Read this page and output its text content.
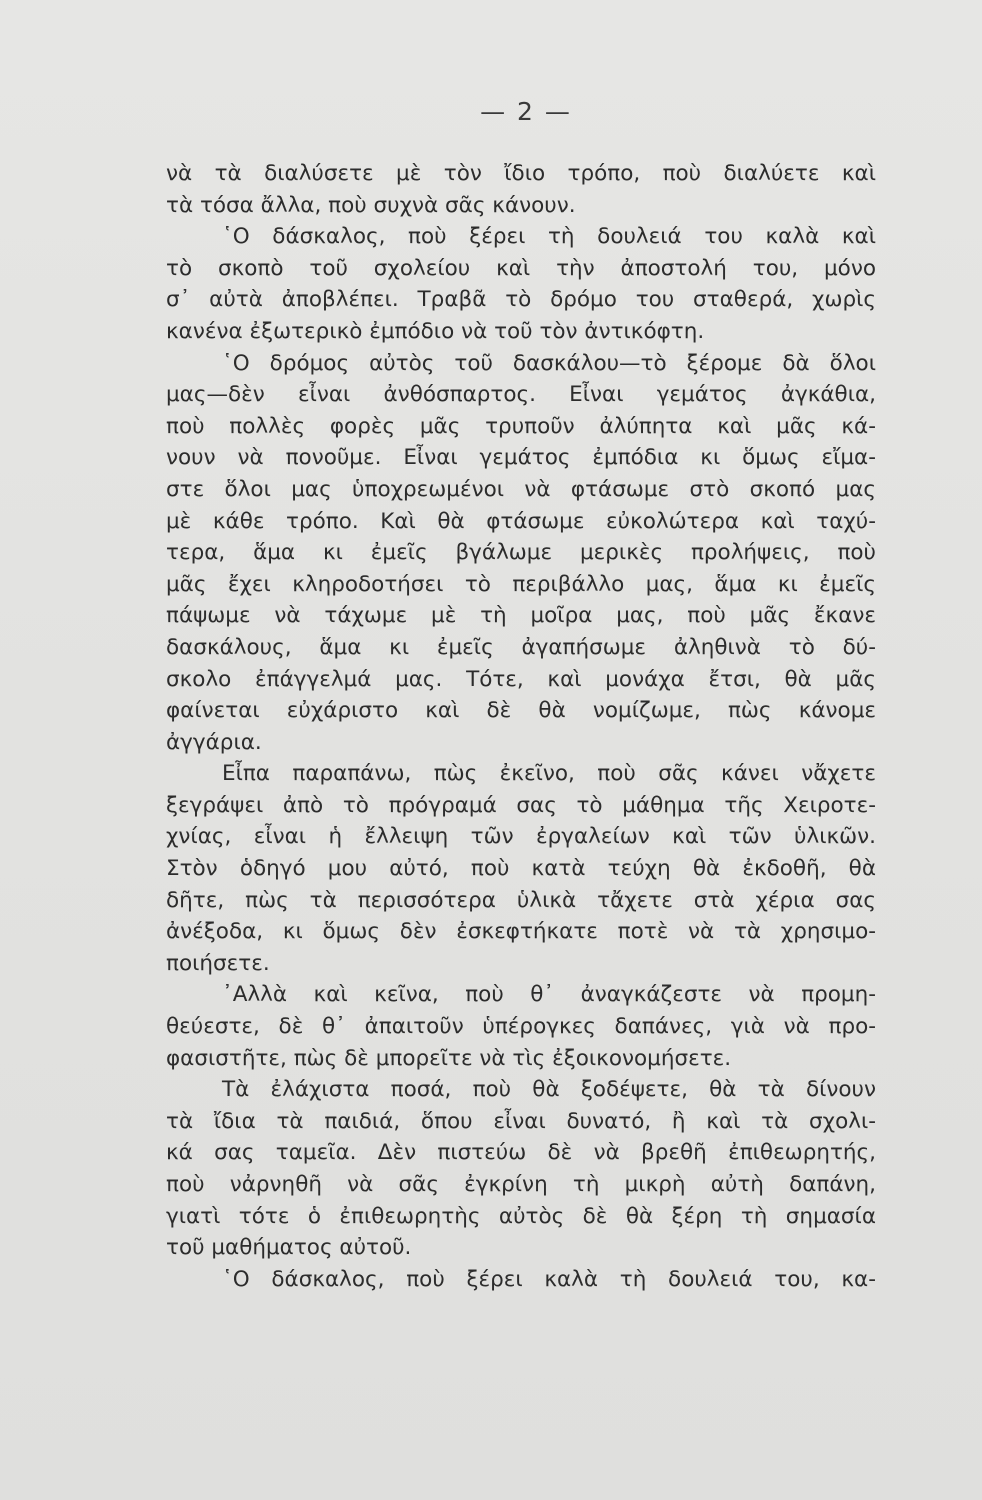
— 2 —
νὰ τὰ διαλύσετε μὲ τὸν ἴδιο τρόπο, ποὺ διαλύετε καὶ
τὰ τόσα ἄλλα, ποὺ συχνὰ σᾶς κάνουν.
῾Ο δάσκαλος, ποὺ ξέρει τὴ δουλειά του καλὰ καὶ
τὸ σκοπὸ τοῦ σχολείου καὶ τὴν ἀποστολή του, μόνο
σ᾽ αὐτὰ ἀποβλέπει. Τραβᾶ τὸ δρόμο του σταθερά, χωρὶς
κανένα ἐξωτερικὸ ἐμπόδιο νὰ τοῦ τὸν ἀντικόφτη.
῾Ο δρόμος αὐτὸς τοῦ δασκάλου—τὸ ξέρομε δὰ ὅλοι
μας—δὲν εἶναι ἀνθόσπαρτος. Εἶναι γεμάτος ἀγκάθια,
ποὺ πολλὲς φορὲς μᾶς τρυποῦν ἀλύπητα καὶ μᾶς κά-
νουν νὰ πονοῦμε. Εἶναι γεμάτος ἐμπόδια κι ὅμως εἴμα-
στε ὅλοι μας ὑποχρεωμένοι νὰ φτάσωμε στὸ σκοπό μας
μὲ κάθε τρόπο. Καὶ θὰ φτάσωμε εὐκολώτερα καὶ ταχύ-
τερα, ἅμα κι ἐμεῖς βγάλωμε μερικὲς προλήψεις, ποὺ
μᾶς ἔχει κληροδοτήσει τὸ περιβάλλο μας, ἅμα κι ἐμεῖς
πάψωμε νὰ τάχωμε μὲ τὴ μοῖρα μας, ποὺ μᾶς ἔκανε
δασκάλους, ἅμα κι ἐμεῖς ἀγαπήσωμε ἀληθινὰ τὸ δύ-
σκολο ἐπάγγελμά μας. Τότε, καὶ μονάχα ἔτσι, θὰ μᾶς
φαίνεται εὐχάριστο καὶ δὲ θὰ νομίζωμε, πὼς κάνομε
ἀγγάρια.
Εἶπα παραπάνω, πὼς ἐκεῖνο, ποὺ σᾶς κάνει νἄχετε
ξεγράψει ἀπὸ τὸ πρόγραμά σας τὸ μάθημα τῆς Χειροτε-
χνίας, εἶναι ἡ ἔλλειψη τῶν ἐργαλείων καὶ τῶν ὑλικῶν.
Στὸν ὁδηγό μου αὐτό, ποὺ κατὰ τεύχη θὰ ἐκδοθῆ, θὰ
δῆτε, πὼς τὰ περισσότερα ὑλικὰ τἄχετε στὰ χέρια σας
ἀνέξοδα, κι ὅμως δὲν ἐσκεφτήκατε ποτὲ νὰ τὰ χρησιμο-
ποιήσετε.
᾿Αλλὰ καὶ κεῖνα, ποὺ θ᾽ ἀναγκάζεστε νὰ προμη-
θεύεστε, δὲ θ᾽ ἀπαιτοῦν ὑπέρογκες δαπάνες, γιὰ νὰ προ-
φασιστῆτε, πὼς δὲ μπορεῖτε νὰ τὶς ἐξοικονομήσετε.
Τὰ ἐλάχιστα ποσά, ποὺ θὰ ξοδέψετε, θὰ τὰ δίνουν
τὰ ἴδια τὰ παιδιά, ὅπου εἶναι δυνατό, ἢ καὶ τὰ σχολι-
κά σας ταμεῖα. Δὲν πιστεύω δὲ νὰ βρεθῆ ἐπιθεωρητής,
ποὺ νἀρνηθῆ νὰ σᾶς ἐγκρίνη τὴ μικρὴ αὐτὴ δαπάνη,
γιατὶ τότε ὁ ἐπιθεωρητὴς αὐτὸς δὲ θὰ ξέρη τὴ σημασία
τοῦ μαθήματος αὐτοῦ.
῾Ο δάσκαλος, ποὺ ξέρει καλὰ τὴ δουλειά του, κα-
